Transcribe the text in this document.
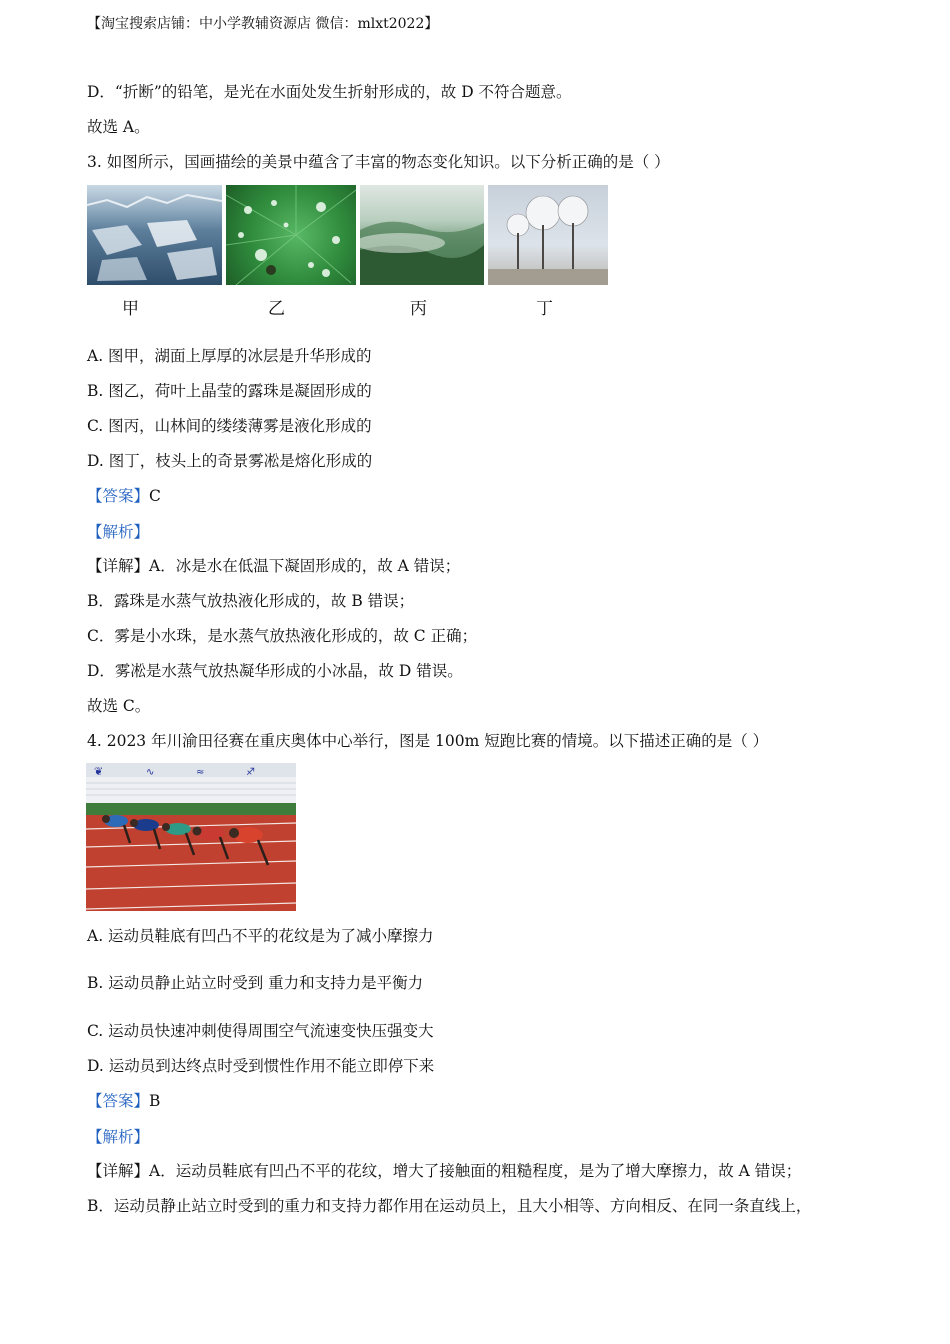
【淘宝搜索店铺：中小学教辅资源店 微信：mlxt2022】
D．“折断”的铅笔，是光在水面处发生折射形成的，故 D 不符合题意。
故选 A。
3. 如图所示，国画描绘的美景中蕴含了丰富的物态变化知识。以下分析正确的是（ ）
甲	乙	丙	丁
A. 图甲，湖面上厚厚的冰层是升华形成的
B. 图乙，荷叶上晶莹的露珠是凝固形成的
C. 图丙，山林间的缕缕薄雾是液化形成的
D. 图丁，枝头上的奇景雾凇是熔化形成的
【答案】C
【解析】
【详解】A．冰是水在低温下凝固形成的，故 A 错误；
B．露珠是水蒸气放热液化形成的，故 B 错误；
C．雾是小水珠，是水蒸气放热液化形成的，故 C 正确；
D．雾凇是水蒸气放热凝华形成的小冰晶，故 D 错误。
故选 C。
4. 2023 年川渝田径赛在重庆奥体中心举行，图是 100m 短跑比赛的情境。以下描述正确的是（ ）
❦	∿	≈	♐
A. 运动员鞋底有凹凸不平的花纹是为了减小摩擦力
B. 运动员静止站立时受到 重力和支持力是平衡力
C. 运动员快速冲刺使得周围空气流速变快压强变大
D. 运动员到达终点时受到惯性作用不能立即停下来
【答案】B
【解析】
【详解】A．运动员鞋底有凹凸不平的花纹，增大了接触面的粗糙程度，是为了增大摩擦力，故 A 错误；
B．运动员静止站立时受到的重力和支持力都作用在运动员上，且大小相等、方向相反、在同一条直线上，
